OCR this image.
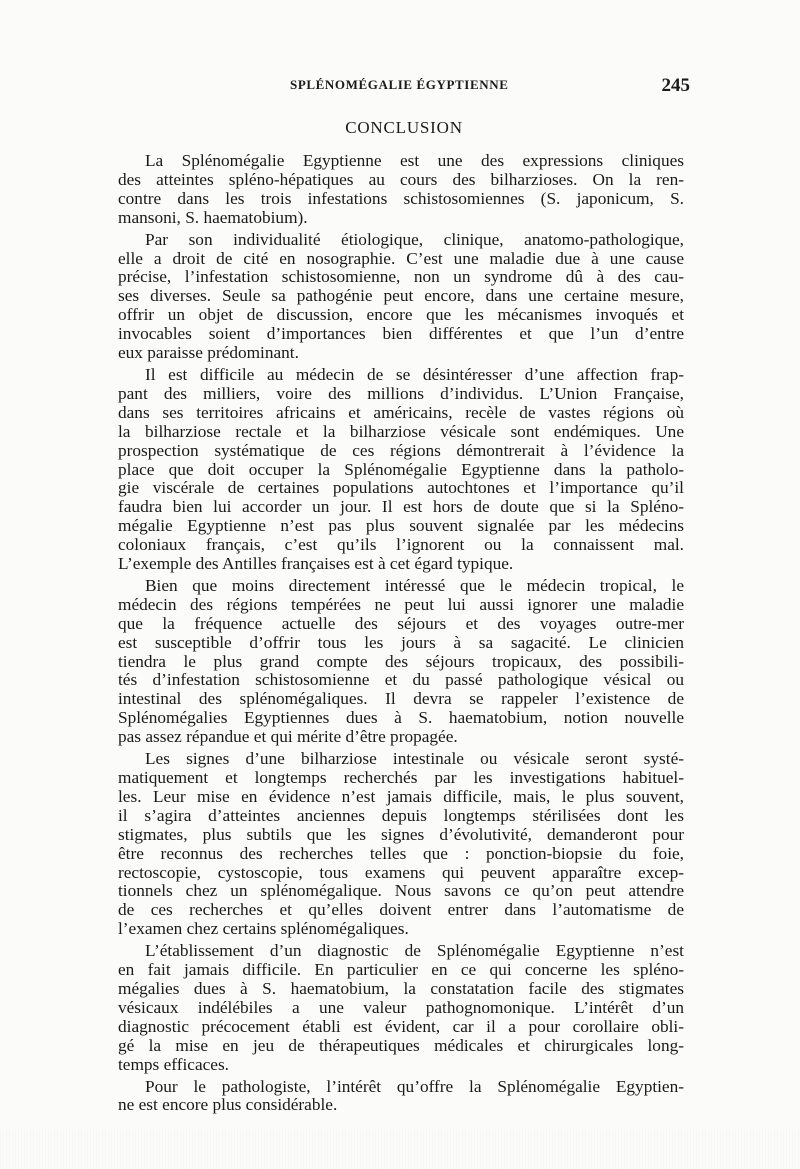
SPLÉNOMÉGALIE ÉGYPTIENNE	245
CONCLUSION

La Splénomégalie Egyptienne est une des expressions cliniques
des atteintes spléno-hépatiques au cours des bilharzioses. On la ren-
contre dans les trois infestations schistosomiennes (S. japonicum, S.
mansoni, S. haematobium).

Par son individualité étiologique, clinique, anatomo-pathologique,
elle a droit de cité en nosographie. C’est une maladie due à une cause
précise, l’infestation schistosomienne, non un syndrome dû à des cau-
ses diverses. Seule sa pathogénie peut encore, dans une certaine mesure,
offrir un objet de discussion, encore que les mécanismes invoqués et
invocables soient d’importances bien différentes et que l’un d’entre
eux paraisse prédominant.

Il est difficile au médecin de se désintéresser d’une affection frap-
pant des milliers, voire des millions d’individus. L’Union Française,
dans ses territoires africains et américains, recèle de vastes régions où
la bilharziose rectale et la bilharziose vésicale sont endémiques. Une
prospection systématique de ces régions démontrerait à l’évidence la
place que doit occuper la Splénomégalie Egyptienne dans la patholo-
gie viscérale de certaines populations autochtones et l’importance qu’il
faudra bien lui accorder un jour. Il est hors de doute que si la Spléno-
mégalie Egyptienne n’est pas plus souvent signalée par les médecins
coloniaux français, c’est qu’ils l’ignorent ou la connaissent mal.
L’exemple des Antilles françaises est à cet égard typique.

Bien que moins directement intéressé que le médecin tropical, le
médecin des régions tempérées ne peut lui aussi ignorer une maladie
que la fréquence actuelle des séjours et des voyages outre-mer
est susceptible d’offrir tous les jours à sa sagacité. Le clinicien
tiendra le plus grand compte des séjours tropicaux, des possibili-
tés d’infestation schistosomienne et du passé pathologique vésical ou
intestinal des splénomégaliques. Il devra se rappeler l’existence de
Splénomégalies Egyptiennes dues à S. haematobium, notion nouvelle
pas assez répandue et qui mérite d’être propagée.

Les signes d’une bilharziose intestinale ou vésicale seront systé-
matiquement et longtemps recherchés par les investigations habituel-
les. Leur mise en évidence n’est jamais difficile, mais, le plus souvent,
il s’agira d’atteintes anciennes depuis longtemps stérilisées dont les
stigmates, plus subtils que les signes d’évolutivité, demanderont pour
être reconnus des recherches telles que : ponction-biopsie du foie,
rectoscopie, cystoscopie, tous examens qui peuvent apparaître excep-
tionnels chez un splénomégalique. Nous savons ce qu’on peut attendre
de ces recherches et qu’elles doivent entrer dans l’automatisme de
l’examen chez certains splénomégaliques.

L’établissement d’un diagnostic de Splénomégalie Egyptienne n’est
en fait jamais difficile. En particulier en ce qui concerne les spléno-
mégalies dues à S. haematobium, la constatation facile des stigmates
vésicaux indélébiles a une valeur pathognomonique. L’intérêt d’un
diagnostic précocement établi est évident, car il a pour corollaire obli-
gé la mise en jeu de thérapeutiques médicales et chirurgicales long-
temps efficaces.

Pour le pathologiste, l’intérêt qu’offre la Splénomégalie Egyptien-
ne est encore plus considérable.
